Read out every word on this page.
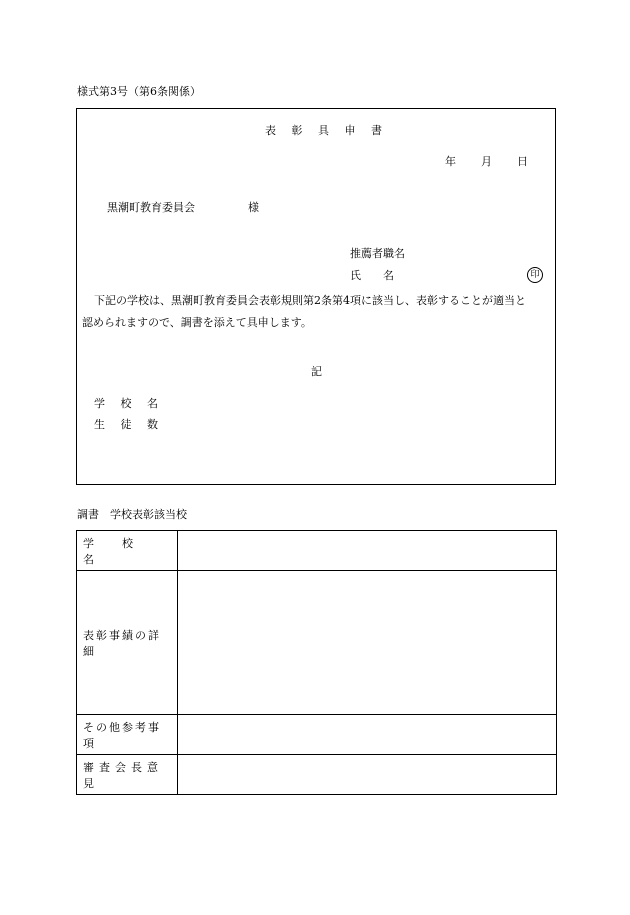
様式第3号（第6条関係）
表 彰 具 申 書
年 月 日
黒潮町教育委員会	様
推薦者職名
氏　　名	印
下記の学校は、黒潮町教育委員会表彰規則第2条第4項に該当し、表彰することが適当と
認められますので、調書を添えて具申します。
記
学 校 名
生 徒 数
調書　学校表彰該当校
学　　校　　名	
表彰事績の詳細	
その他参考事項	
審査会長意見	
